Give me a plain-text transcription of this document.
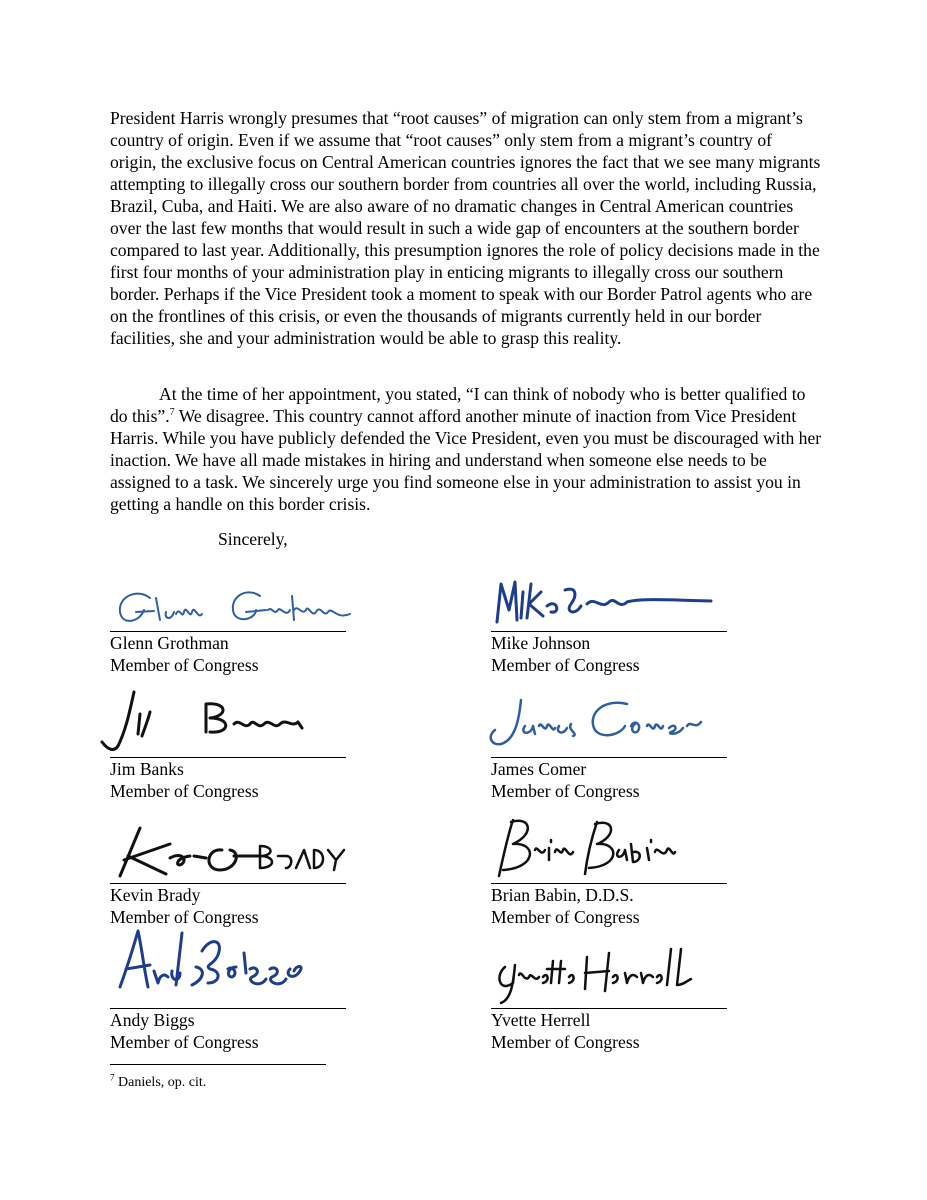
President Harris wrongly presumes that “root causes” of migration can only stem from a migrant’s country of origin. Even if we assume that “root causes” only stem from a migrant’s country of origin, the exclusive focus on Central American countries ignores the fact that we see many migrants attempting to illegally cross our southern border from countries all over the world, including Russia, Brazil, Cuba, and Haiti. We are also aware of no dramatic changes in Central American countries over the last few months that would result in such a wide gap of encounters at the southern border compared to last year. Additionally, this presumption ignores the role of policy decisions made in the first four months of your administration play in enticing migrants to illegally cross our southern border. Perhaps if the Vice President took a moment to speak with our Border Patrol agents who are on the frontlines of this crisis, or even the thousands of migrants currently held in our border facilities, she and your administration would be able to grasp this reality.

At the time of her appointment, you stated, “I can think of nobody who is better qualified to do this”.$^7$ We disagree. This country cannot afford another minute of inaction from Vice President Harris. While you have publicly defended the Vice President, even you must be discouraged with her inaction. We have all made mistakes in hiring and understand when someone else needs to be assigned to a task. We sincerely urge you find someone else in your administration to assist you in getting a handle on this border crisis.

Sincerely,
Glenn Grothman
Member of Congress
Mike Johnson
Member of Congress
Jim Banks
Member of Congress
James Comer
Member of Congress
Kevin Brady
Member of Congress
Brian Babin, D.D.S.
Member of Congress
Andy Biggs
Member of Congress
Yvette Herrell
Member of Congress
$^7$ Daniels, op. cit.
